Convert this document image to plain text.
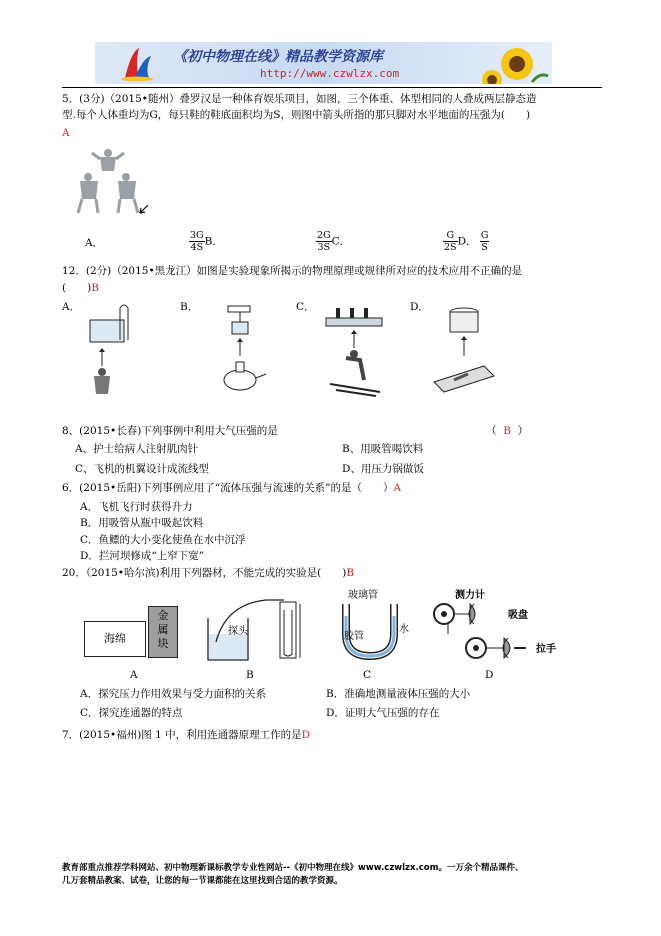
《初中物理在线》精品教学资源库
http://www.czwlzx.com
5．(3分)（2015•随州）叠罗汉是一种体育娱乐项目，如图，三个体重、体型相同的人叠成两层静态造
型.每个人体重均为G，每只鞋的鞋底面积均为S，则图中箭头所指的那只脚对水平地面的压强为(　　)
A
A．	$\frac{3G}{4S}$ B．	$\frac{2G}{3S}$ C．	$\frac{G}{2S}$ D． $\frac{G}{S}$
12．(2分)（2015•黑龙江）如图是实验现象所揭示的物理原理或规律所对应的技术应用不正确的是
(　　)B
A．	B．	C．	D．
8、(2015•长春)下列事例中利用大气压强的是	（ B ）
A、护士给病人注射肌肉针	B、用吸管喝饮料
C、飞机的机翼设计成流线型	D、用压力锅做饭
6．(2015•岳阳)下列事例应用了“流体压强与流速的关系”的是（　　）A
A．飞机飞行时获得升力
B．用吸管从瓶中吸起饮料
C．鱼鳔的大小变化使鱼在水中沉浮
D．拦河坝修成“上窄下宽”
20．（2015•哈尔滨)利用下列器材，不能完成的实验是(　　)B
海绵
金
属
块
A
探头
B
玻璃管
胶管
水
C
测力计
吸盘
拉手
D
A．探究压力作用效果与受力面积的关系	B．准确地测量液体压强的大小
C．探究连通器的特点	D．证明大气压强的存在
7．(2015•福州)图 1 中，利用连通器原理工作的是D
教育部重点推荐学科网站、初中物理新课标教学专业性网站--《初中物理在线》www.czwlzx.com。一万余个精品课件、
几万套精品教案、试卷，让您的每一节课都能在这里找到合适的教学资源。
